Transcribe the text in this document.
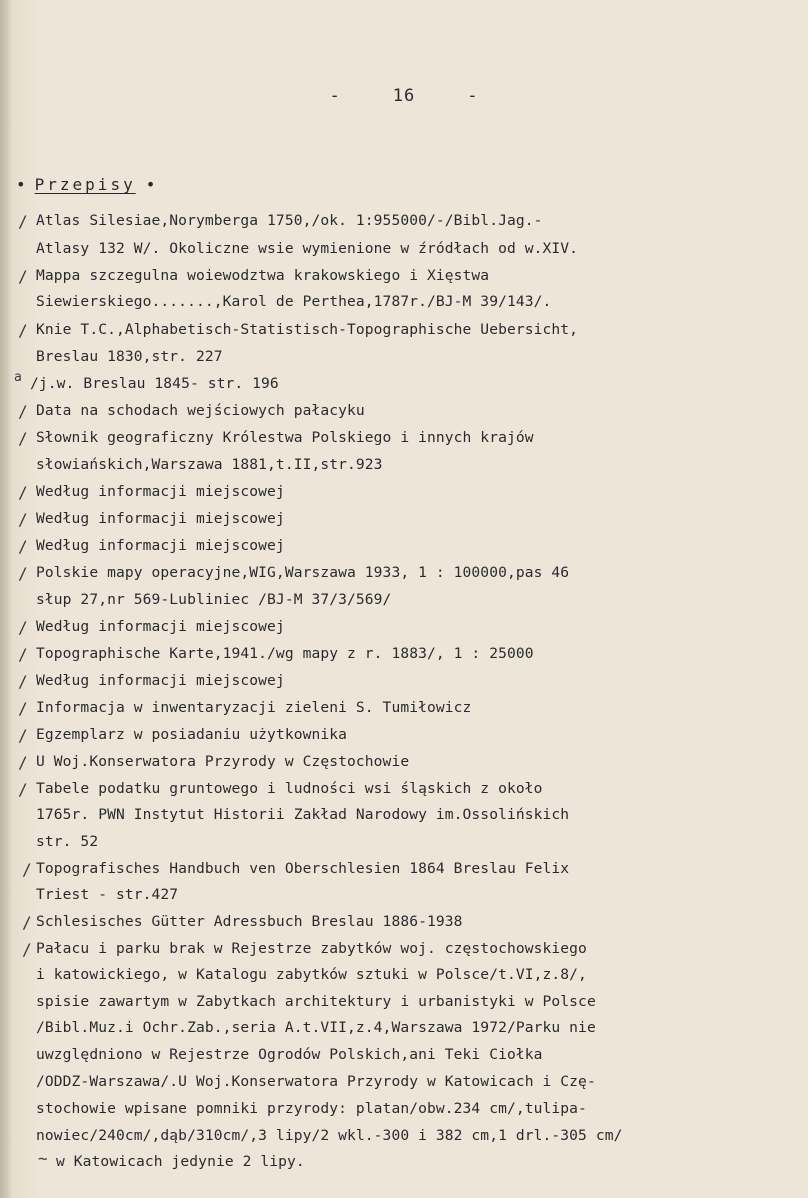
-	16	-
• Przepisy •
Atlas Silesiae,Norymberga 1750,/ok. 1:955000/-/Bibl.Jag.-
Atlasy 132 W/. Okoliczne wsie wymienione w źródłach od w.XIV.
Mappa szczegulna woiewodztwa krakowskiego i Xięstwa
Siewierskiego.......,Karol de Perthea,1787r./BJ-M 39/143/.
Knie T.C.,Alphabetisch-Statistisch-Topographische Uebersicht,
Breslau 1830,str. 227
/j.w. Breslau 1845- str. 196
Data na schodach wejściowych pałacyku
Słownik geograficzny Królestwa Polskiego i innych krajów
słowiańskich,Warszawa 1881,t.II,str.923
Według informacji miejscowej
Według informacji miejscowej
Według informacji miejscowej
Polskie mapy operacyjne,WIG,Warszawa 1933, 1 : 100000,pas 46
słup 27,nr 569-Lubliniec /BJ-M 37/3/569/
Według informacji miejscowej
Topographische Karte,1941./wg mapy z r. 1883/, 1 : 25000
Według informacji miejscowej
Informacja w inwentaryzacji zieleni S. Tumiłowicz
Egzemplarz w posiadaniu użytkownika
U Woj.Konserwatora Przyrody w Częstochowie
Tabele podatku gruntowego i ludności wsi śląskich z około
1765r. PWN Instytut Historii Zakład Narodowy im.Ossolińskich
str. 52
Topografisches Handbuch ven Oberschlesien 1864 Breslau Felix
Triest - str.427
Schlesisches Gütter Adressbuch Breslau 1886-1938
Pałacu i parku brak w Rejestrze zabytków woj. częstochowskiego
i katowickiego, w Katalogu zabytków sztuki w Polsce/t.VI,z.8/,
spisie zawartym w Zabytkach architektury i urbanistyki w Polsce
/Bibl.Muz.i Ochr.Zab.,seria A.t.VII,z.4,Warszawa 1972/Parku nie
uwzględniono w Rejestrze Ogrodów Polskich,ani Teki Ciołka
/ODDZ-Warszawa/.U Woj.Konserwatora Przyrody w Katowicach i Czę-
stochowie wpisane pomniki przyrody: platan/obw.234 cm/,tulipa-
nowiec/240cm/,dąb/310cm/,3 lipy/2 wkl.-300 i 382 cm,1 drl.-305 cm/
w Katowicach jedynie 2 lipy.
/
/
/
a
/
/
/
/
/
/
/
/
/
/
/
/
/
/
/
/
~
